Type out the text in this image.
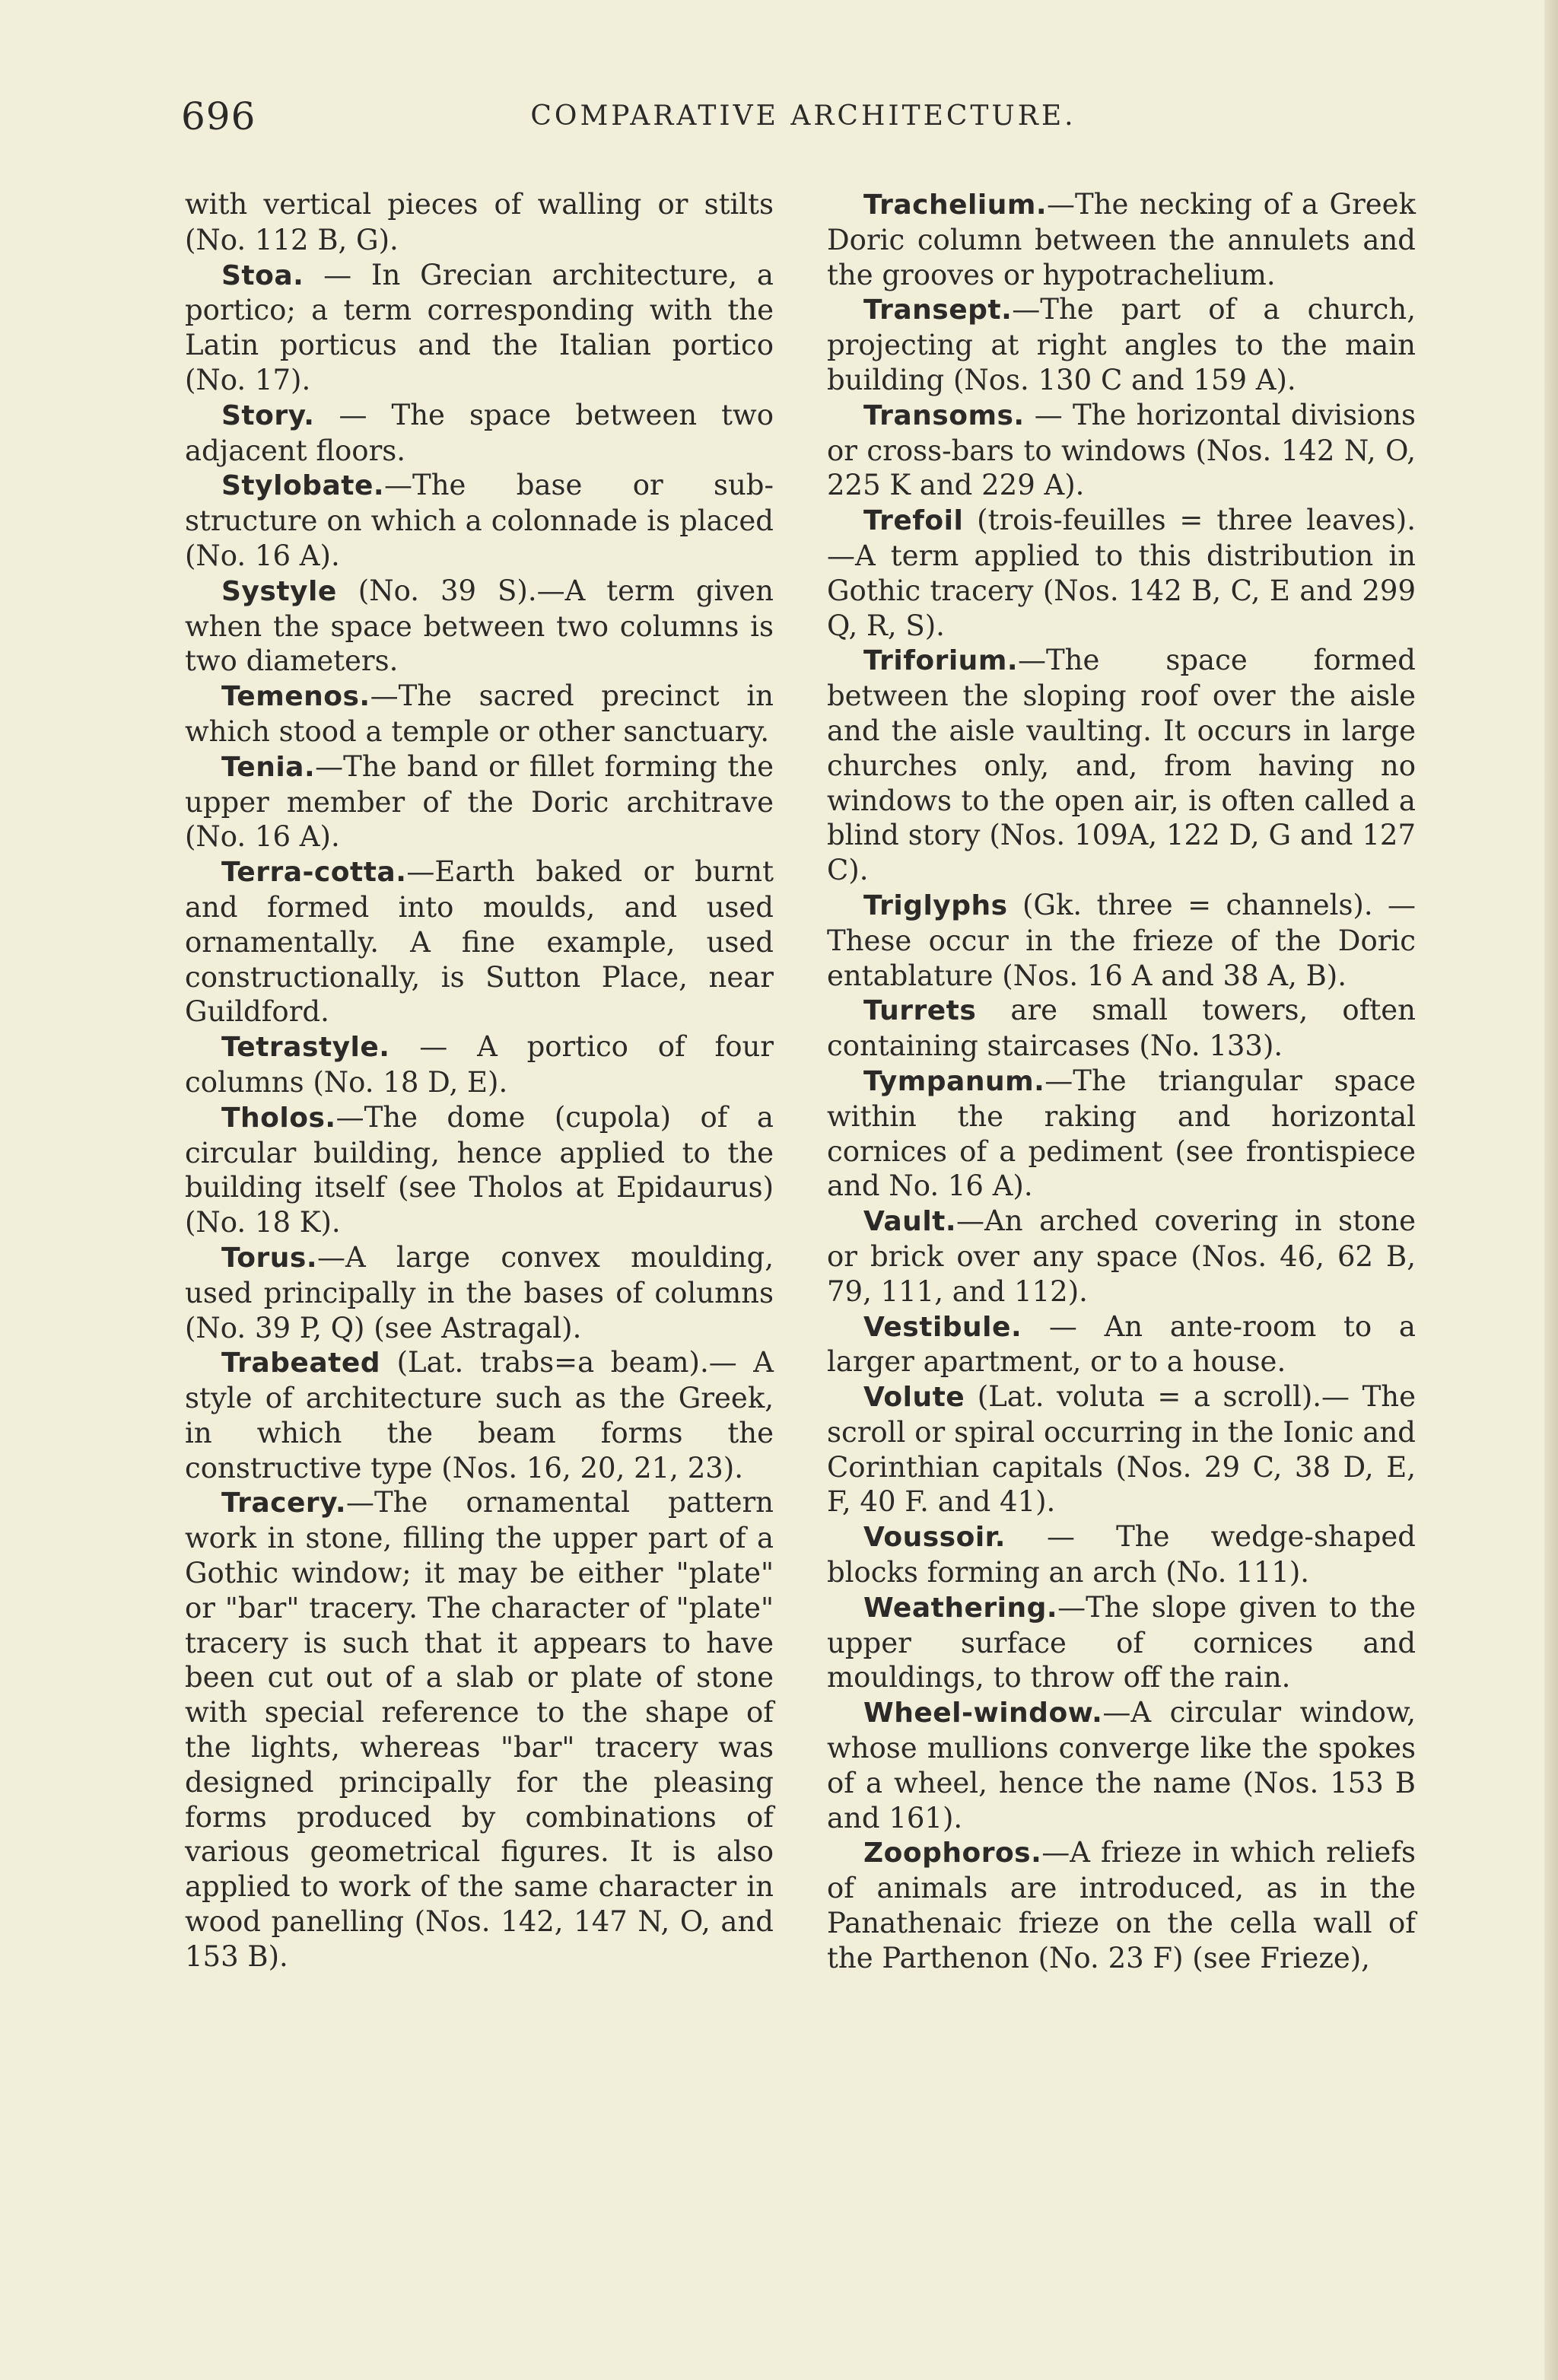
696	COMPARATIVE ARCHITECTURE.

with vertical pieces of walling or stilts (No. 112 B, G).

Stoa. — In Grecian architecture, a portico; a term corresponding with the Latin porticus and the Italian portico (No. 17).

Story. — The space between two adjacent floors.

Stylobate.—The base or sub-structure on which a colonnade is placed (No. 16 A).

Systyle (No. 39 S).—A term given when the space between two columns is two diameters.

Temenos.—The sacred precinct in which stood a temple or other sanctuary.

Tenia.—The band or fillet forming the upper member of the Doric architrave (No. 16 A).

Terra-cotta.—Earth baked or burnt and formed into moulds, and used ornamentally. A fine example, used constructionally, is Sutton Place, near Guildford.

Tetrastyle. — A portico of four columns (No. 18 D, E).

Tholos.—The dome (cupola) of a circular building, hence applied to the building itself (see Tholos at Epidaurus) (No. 18 K).

Torus.—A large convex moulding, used principally in the bases of columns (No. 39 P, Q) (see Astragal).

Trabeated (Lat. trabs=a beam).— A style of architecture such as the Greek, in which the beam forms the constructive type (Nos. 16, 20, 21, 23).

Tracery.—The ornamental pattern work in stone, filling the upper part of a Gothic window; it may be either "plate" or "bar" tracery. The character of "plate" tracery is such that it appears to have been cut out of a slab or plate of stone with special reference to the shape of the lights, whereas "bar" tracery was designed principally for the pleasing forms produced by combinations of various geometrical figures. It is also applied to work of the same character in wood panelling (Nos. 142, 147 N, O, and 153 B).

Trachelium.—The necking of a Greek Doric column between the annulets and the grooves or hypotrachelium.

Transept.—The part of a church, projecting at right angles to the main building (Nos. 130 C and 159 A).

Transoms. — The horizontal divisions or cross-bars to windows (Nos. 142 N, O, 225 K and 229 A).

Trefoil (trois-feuilles = three leaves). —A term applied to this distribution in Gothic tracery (Nos. 142 B, C, E and 299 Q, R, S).

Triforium.—The space formed between the sloping roof over the aisle and the aisle vaulting. It occurs in large churches only, and, from having no windows to the open air, is often called a blind story (Nos. 109A, 122 D, G and 127 C).

Triglyphs (Gk. three = channels). —These occur in the frieze of the Doric entablature (Nos. 16 A and 38 A, B).

Turrets are small towers, often containing staircases (No. 133).

Tympanum.—The triangular space within the raking and horizontal cornices of a pediment (see frontispiece and No. 16 A).

Vault.—An arched covering in stone or brick over any space (Nos. 46, 62 B, 79, 111, and 112).

Vestibule. — An ante-room to a larger apartment, or to a house.

Volute (Lat. voluta = a scroll).— The scroll or spiral occurring in the Ionic and Corinthian capitals (Nos. 29 C, 38 D, E, F, 40 F. and 41).

Voussoir. — The wedge-shaped blocks forming an arch (No. 111).

Weathering.—The slope given to the upper surface of cornices and mouldings, to throw off the rain.

Wheel-window.—A circular window, whose mullions converge like the spokes of a wheel, hence the name (Nos. 153 B and 161).

Zoophoros.—A frieze in which reliefs of animals are introduced, as in the Panathenaic frieze on the cella wall of the Parthenon (No. 23 F) (see Frieze),
